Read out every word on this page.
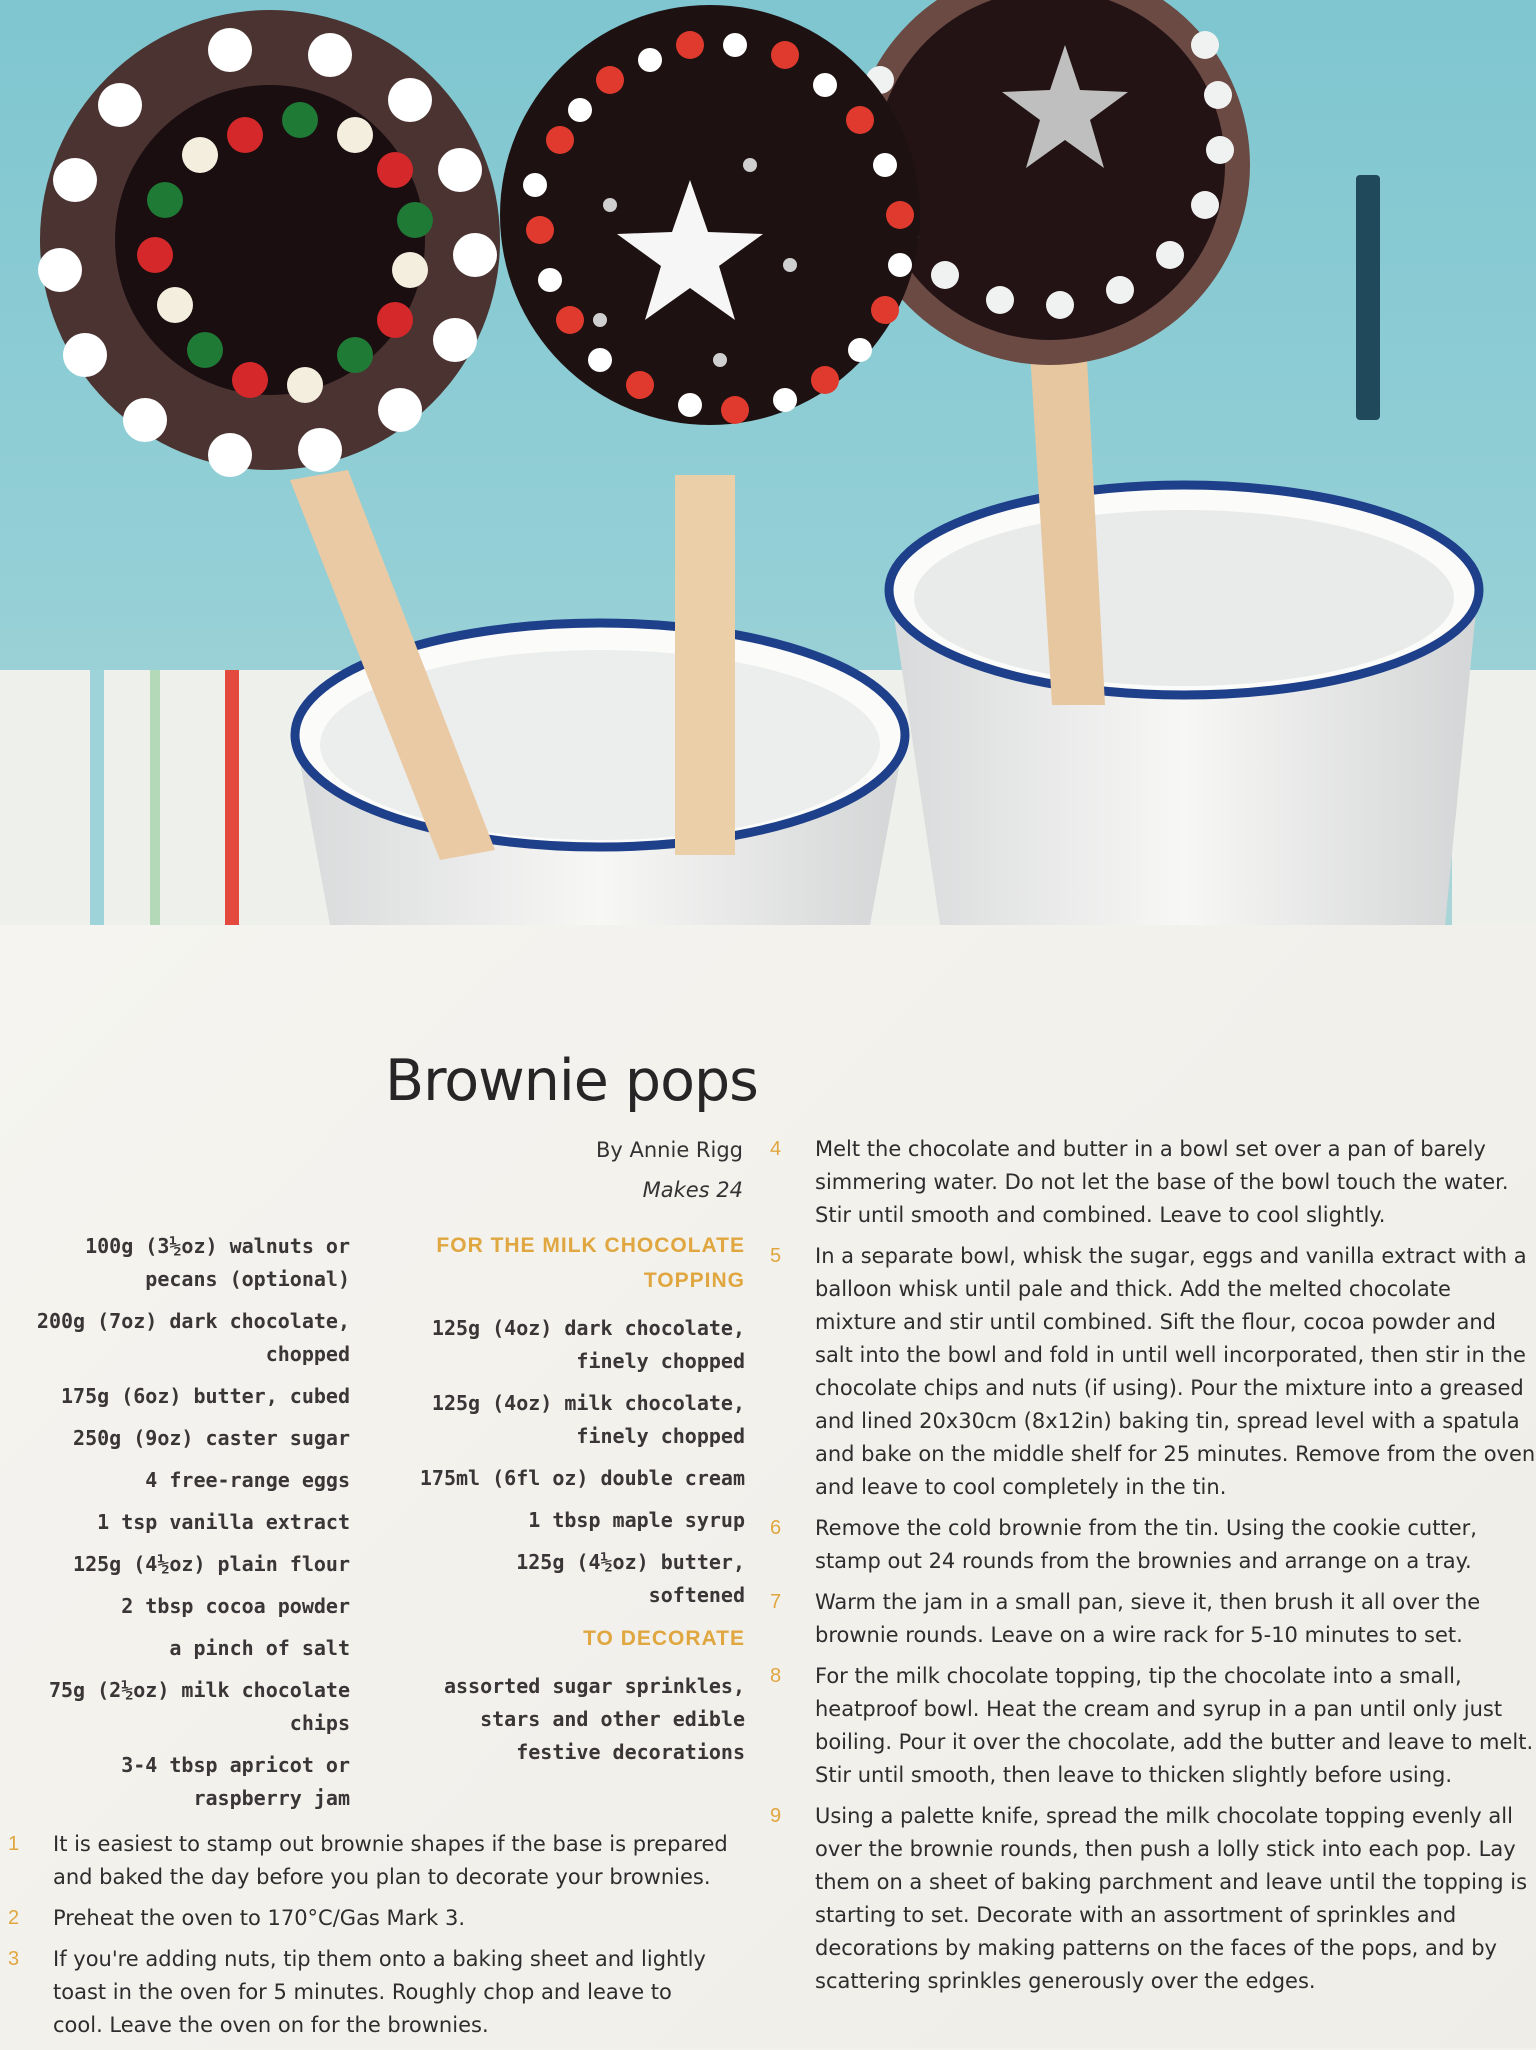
Brownie pops
By Annie Rigg
Makes 24
100g (3½oz) walnuts or pecans (optional)
200g (7oz) dark chocolate, chopped
175g (6oz) butter, cubed
250g (9oz) caster sugar
4 free-range eggs
1 tsp vanilla extract
125g (4½oz) plain flour
2 tbsp cocoa powder
a pinch of salt
75g (2½oz) milk chocolate chips
3-4 tbsp apricot or raspberry jam
FOR THE MILK CHOCOLATE TOPPING
125g (4oz) dark chocolate, finely chopped
125g (4oz) milk chocolate, finely chopped
175ml (6fl oz) double cream
1 tbsp maple syrup
125g (4½oz) butter, softened
TO DECORATE
assorted sugar sprinkles, stars and other edible festive decorations
1 It is easiest to stamp out brownie shapes if the base is prepared and baked the day before you plan to decorate your brownies.
2 Preheat the oven to 170°C/Gas Mark 3.
3 If you're adding nuts, tip them onto a baking sheet and lightly toast in the oven for 5 minutes. Roughly chop and leave to cool. Leave the oven on for the brownies.
4 Melt the chocolate and butter in a bowl set over a pan of barely simmering water. Do not let the base of the bowl touch the water. Stir until smooth and combined. Leave to cool slightly.
5 In a separate bowl, whisk the sugar, eggs and vanilla extract with a balloon whisk until pale and thick. Add the melted chocolate mixture and stir until combined. Sift the flour, cocoa powder and salt into the bowl and fold in until well incorporated, then stir in the chocolate chips and nuts (if using). Pour the mixture into a greased and lined 20x30cm (8x12in) baking tin, spread level with a spatula and bake on the middle shelf for 25 minutes. Remove from the oven and leave to cool completely in the tin.
6 Remove the cold brownie from the tin. Using the cookie cutter, stamp out 24 rounds from the brownies and arrange on a tray.
7 Warm the jam in a small pan, sieve it, then brush it all over the brownie rounds. Leave on a wire rack for 5-10 minutes to set.
8 For the milk chocolate topping, tip the chocolate into a small, heatproof bowl. Heat the cream and syrup in a pan until only just boiling. Pour it over the chocolate, add the butter and leave to melt. Stir until smooth, then leave to thicken slightly before using.
9 Using a palette knife, spread the milk chocolate topping evenly all over the brownie rounds, then push a lolly stick into each pop. Lay them on a sheet of baking parchment and leave until the topping is starting to set. Decorate with an assortment of sprinkles and decorations by making patterns on the faces of the pops, and by scattering sprinkles generously over the edges.
